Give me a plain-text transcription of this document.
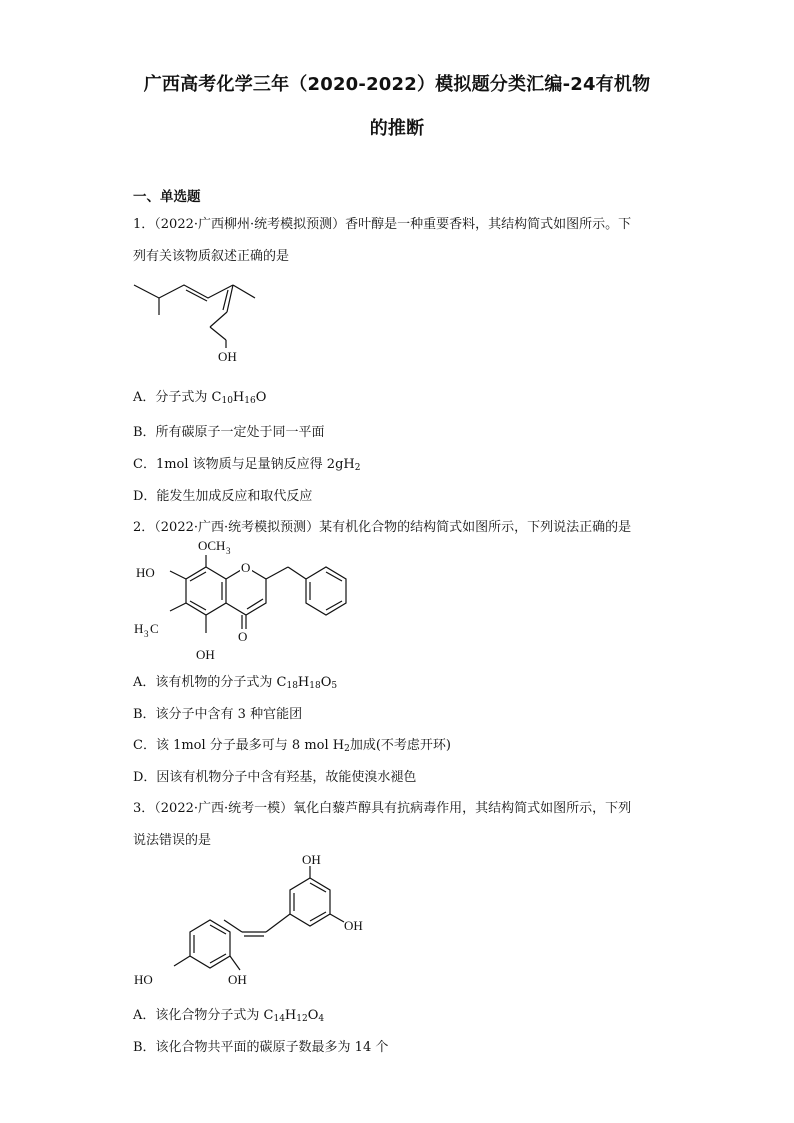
广西高考化学三年（2020-2022）模拟题分类汇编-24有机物
的推断
一、单选题
1．（2022·广西柳州·统考模拟预测）香叶醇是一种重要香料，其结构简式如图所示。下
列有关该物质叙述正确的是
OH
A．分子式为 $C_{10}H_{16}O$
B．所有碳原子一定处于同一平面
C．1mol 该物质与足量钠反应得 $2gH_2$
D．能发生加成反应和取代反应
2．（2022·广西·统考模拟预测）某有机化合物的结构简式如图所示，下列说法正确的是
OCH 3
O
O
HO
H 3 C
OH
A．该有机物的分子式为 $C_{18}H_{18}O_5$
B．该分子中含有 3 种官能团
C．该 1mol 分子最多可与 8 mol $H_2$加成(不考虑开环)
D．因该有机物分子中含有羟基，故能使溴水褪色
3．（2022·广西·统考一模）氧化白藜芦醇具有抗病毒作用，其结构简式如图所示，下列
说法错误的是
OH
OH
HO	OH
A．该化合物分子式为 $C_{14}H_{12}O_4$
B．该化合物共平面的碳原子数最多为 14 个
